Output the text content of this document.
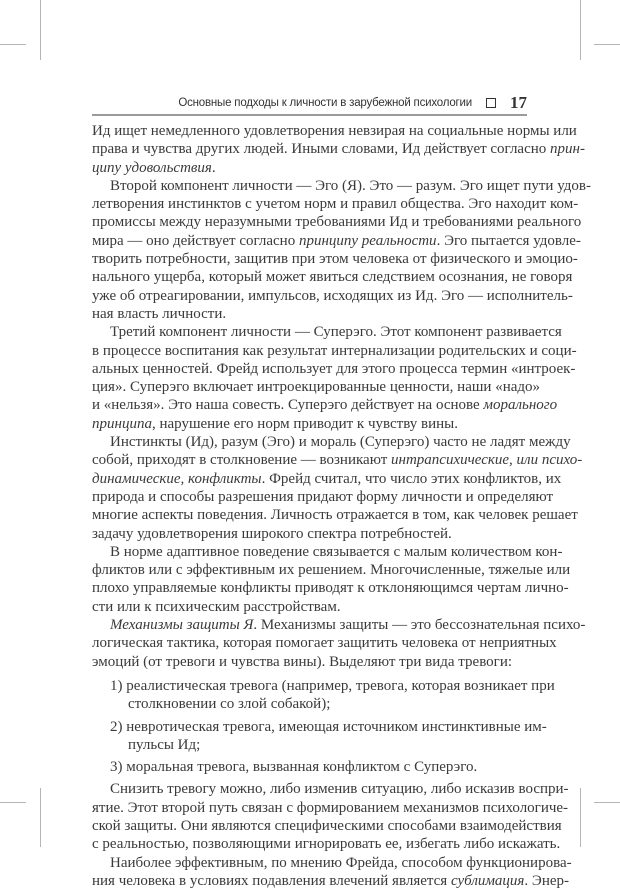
Основные подходы к личности в зарубежной психологии 17
Ид ищет немедленного удовлетворения невзирая на социальные нормы или
права и чувства других людей. Иными словами, Ид действует согласно прин-
ципу удовольствия.
Второй компонент личности — Эго (Я). Это — разум. Эго ищет пути удов-
летворения инстинктов с учетом норм и правил общества. Эго находит ком-
промиссы между неразумными требованиями Ид и требованиями реального
мира — оно действует согласно принципу реальности. Эго пытается удовле-
творить потребности, защитив при этом человека от физического и эмоцио-
нального ущерба, который может явиться следствием осознания, не говоря
уже об отреагировании, импульсов, исходящих из Ид. Эго — исполнитель-
ная власть личности.
Третий компонент личности — Суперэго. Этот компонент развивается
в процессе воспитания как результат интернализации родительских и соци-
альных ценностей. Фрейд использует для этого процесса термин «интроек-
ция». Суперэго включает интроекцированные ценности, наши «надо»
и «нельзя». Это наша совесть. Суперэго действует на основе морального
принципа, нарушение его норм приводит к чувству вины.
Инстинкты (Ид), разум (Эго) и мораль (Суперэго) часто не ладят между
собой, приходят в столкновение — возникают интрапсихические, или психо-
динамические, конфликты. Фрейд считал, что число этих конфликтов, их
природа и способы разрешения придают форму личности и определяют
многие аспекты поведения. Личность отражается в том, как человек решает
задачу удовлетворения широкого спектра потребностей.
В норме адаптивное поведение связывается с малым количеством кон-
фликтов или с эффективным их решением. Многочисленные, тяжелые или
плохо управляемые конфликты приводят к отклоняющимся чертам лично-
сти или к психическим расстройствам.
Механизмы защиты Я. Механизмы защиты — это бессознательная психо-
логическая тактика, которая помогает защитить человека от неприятных
эмоций (от тревоги и чувства вины). Выделяют три вида тревоги:
1) реалистическая тревога (например, тревога, которая возникает при
столкновении со злой собакой);
2) невротическая тревога, имеющая источником инстинктивные им-
пульсы Ид;
3) моральная тревога, вызванная конфликтом с Суперэго.
Снизить тревогу можно, либо изменив ситуацию, либо исказив воспри-
ятие. Этот второй путь связан с формированием механизмов психологиче-
ской защиты. Они являются специфическими способами взаимодействия
с реальностью, позволяющими игнорировать ее, избегать либо искажать.
Наиболее эффективным, по мнению Фрейда, способом функционирова-
ния человека в условиях подавления влечений является сублимация. Энер-
